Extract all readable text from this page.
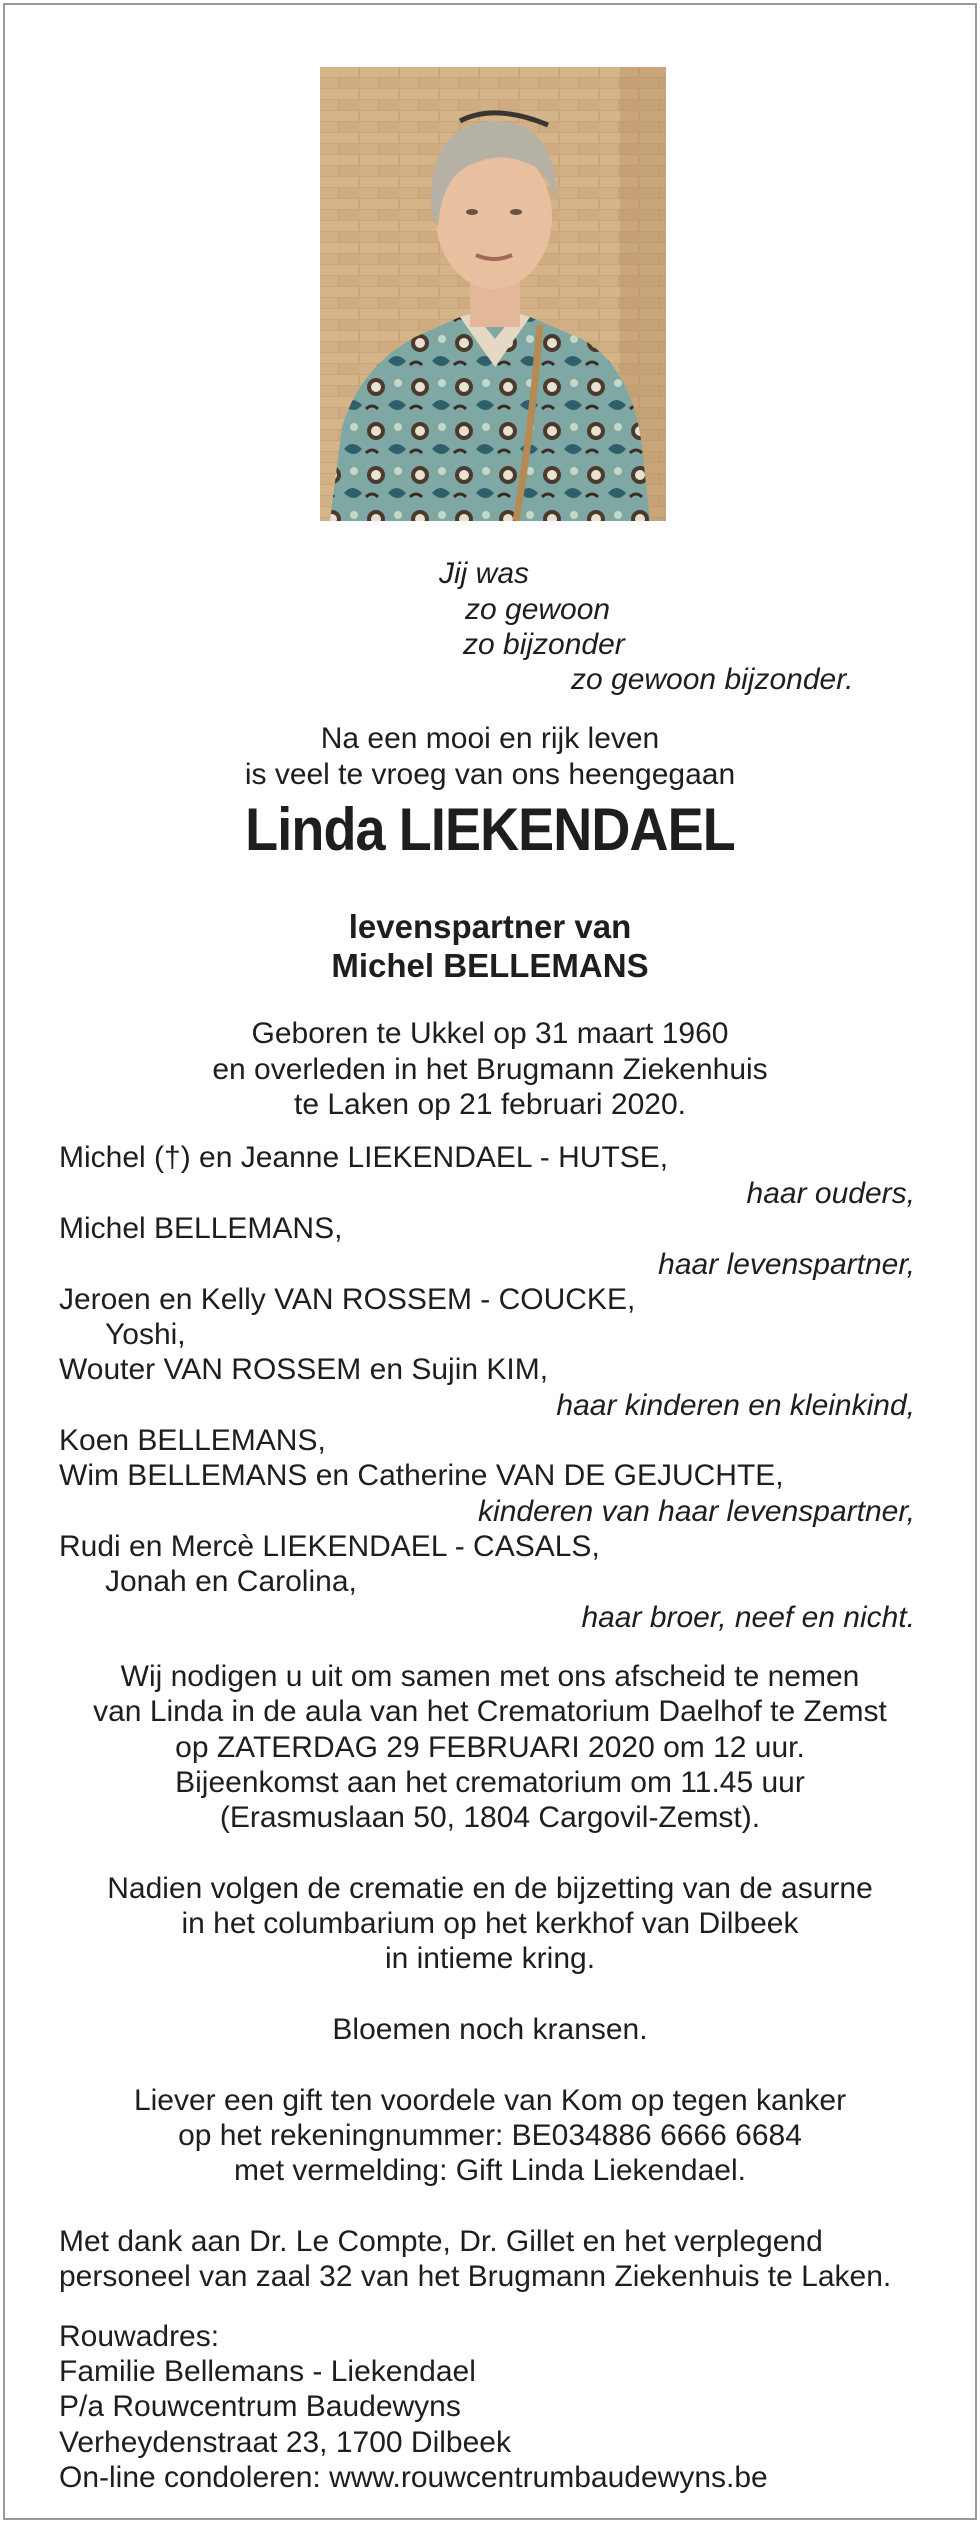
Jij was
zo gewoon
zo bijzonder
zo gewoon bijzonder.
Na een mooi en rijk leven
is veel te vroeg van ons heengegaan
Linda LIEKENDAEL
levenspartner van
Michel BELLEMANS
Geboren te Ukkel op 31 maart 1960
en overleden in het Brugmann Ziekenhuis
te Laken op 21 februari 2020.
Michel (†) en Jeanne LIEKENDAEL - HUTSE,
haar ouders,
Michel BELLEMANS,
haar levenspartner,
Jeroen en Kelly VAN ROSSEM - COUCKE,
Yoshi,
Wouter VAN ROSSEM en Sujin KIM,
haar kinderen en kleinkind,
Koen BELLEMANS,
Wim BELLEMANS en Catherine VAN DE GEJUCHTE,
kinderen van haar levenspartner,
Rudi en Mercè LIEKENDAEL - CASALS,
Jonah en Carolina,
haar broer, neef en nicht.
Wij nodigen u uit om samen met ons afscheid te nemen
van Linda in de aula van het Crematorium Daelhof te Zemst
op ZATERDAG 29 FEBRUARI 2020 om 12 uur.
Bijeenkomst aan het crematorium om 11.45 uur
(Erasmuslaan 50, 1804 Cargovil-Zemst).
Nadien volgen de crematie en de bijzetting van de asurne
in het columbarium op het kerkhof van Dilbeek
in intieme kring.
Bloemen noch kransen.
Liever een gift ten voordele van Kom op tegen kanker
op het rekeningnummer: BE034886 6666 6684
met vermelding: Gift Linda Liekendael.
Met dank aan Dr. Le Compte, Dr. Gillet en het verplegend
personeel van zaal 32 van het Brugmann Ziekenhuis te Laken.
Rouwadres:
Familie Bellemans - Liekendael
P/a Rouwcentrum Baudewyns
Verheydenstraat 23, 1700 Dilbeek
On-line condoleren: www.rouwcentrumbaudewyns.be
